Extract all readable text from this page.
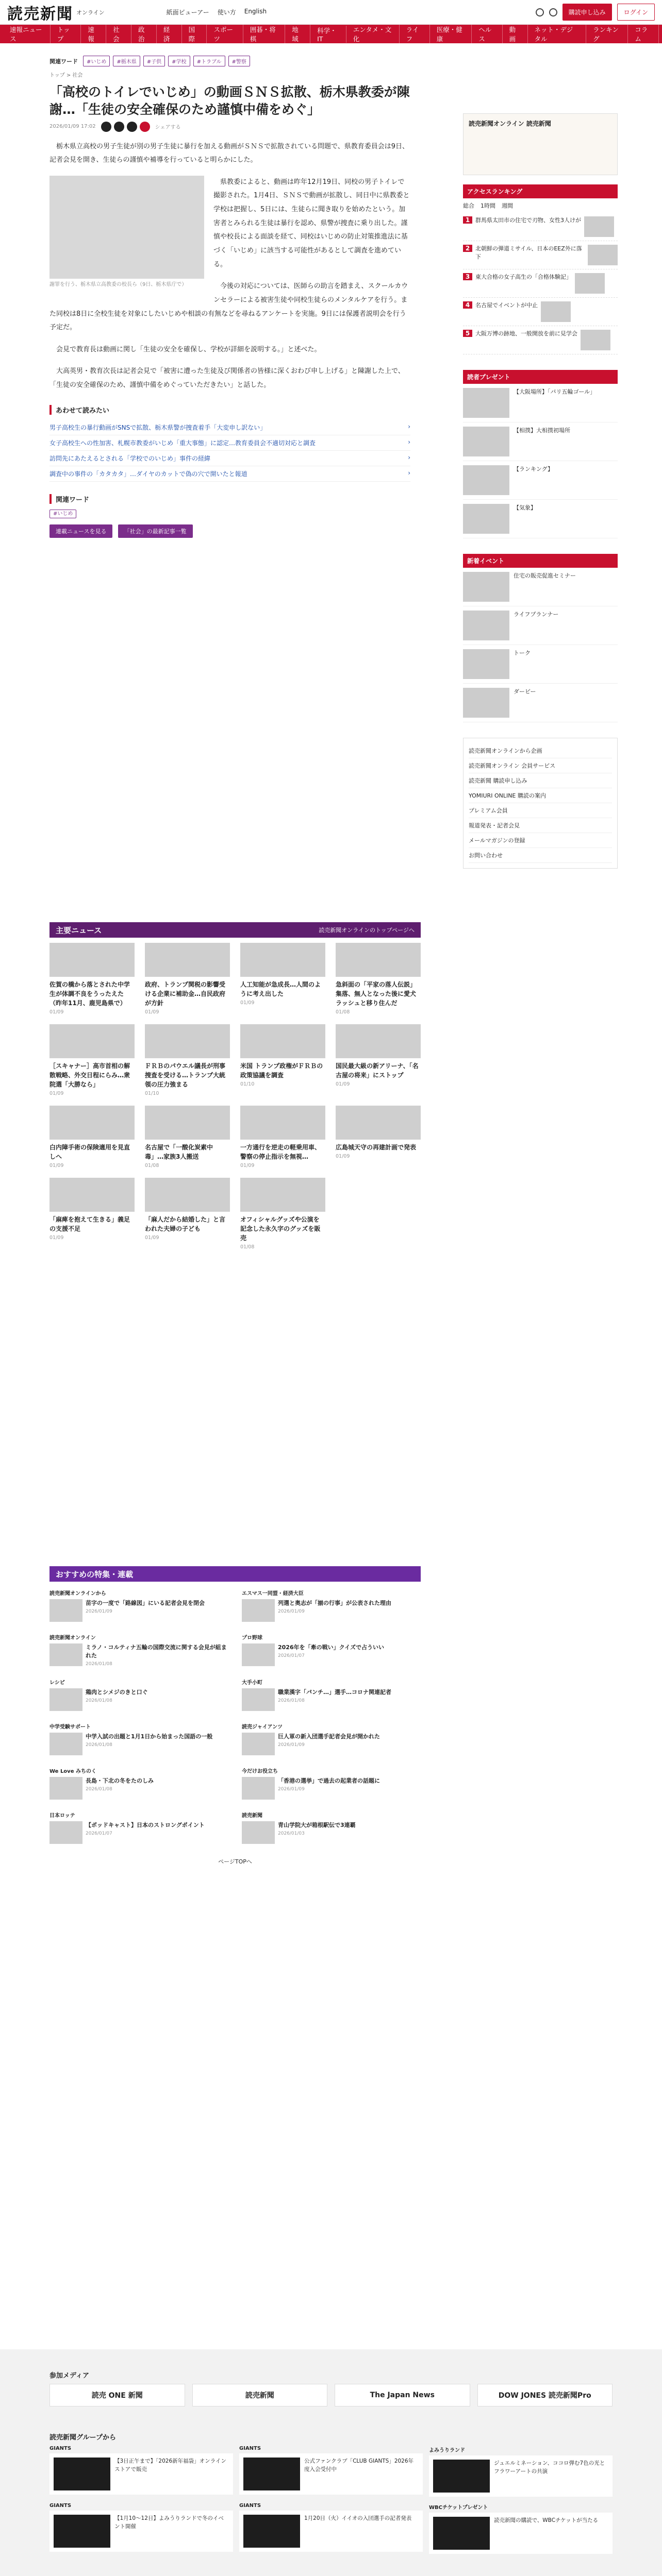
読売新聞 オンライン	紙面ビューアー 使い方 English	購読申し込み	ログイン
速報ニュース
トップ
速報
社会
政治
経済
国際
スポーツ
囲碁・将棋
地域
科学・IT
エンタメ・文化
ライフ
医療・健康
ヘルス
動画
ネット・デジタル
ランキング
コラム
関連ワード	#いじめ	#栃木県	#子供	#学校	#トラブル	#警察
トップ > 社会
「高校のトイレでいじめ」の動画ＳＮＳ拡散、栃木県教委が陳謝…「生徒の安全確保のため謹慎中備をめぐ」
2026/01/09 17:02	シェアする

栃木県立高校の男子生徒が別の男子生徒に暴行を加える動画がＳＮＳで拡散されている問題で、県教育委員会は9日、記者会見を開き、生徒らの謹慎や補導を行っていると明らかにした。

謝罪を行う、栃木県立高教委の校長ら（9日、栃木県庁で）

県教委によると、動画は昨年12月19日、同校の男子トイレで撮影された。1月4日、ＳＮＳで動画が拡散し、同日中に県教委と学校は把握し、5日には、生徒らに聞き取りを始めたという。加害者とみられる生徒は暴行を認め、県警が捜査に乗り出した。謹慎や校長による面談を経て、同校はいじめの防止対策推進法に基づく「いじめ」に該当する可能性があるとして調査を進めている。

今後の対応については、医師らの助言を踏まえ、スクールカウンセラーによる被害生徒や同校生徒らのメンタルケアを行う。また同校は8日に全校生徒を対象にしたいじめや相談の有無などを尋ねるアンケートを実施。9日には保護者説明会を行う予定だ。

会見で教育長は動画に関し「生徒の安全を確保し、学校が詳細を説明する。」と述べた。

大高英男・教育次長は記者会見で「被害に遭った生徒及び関係者の皆様に深くおわび申し上げる」と陳謝した上で、「生徒の安全確保のため、謹慎中備をめぐっていただきたい」と話した。

あわせて読みたい
男子高校生の暴行動画がSNSで拡散、栃木県警が捜査着手「大変申し訳ない」	›
女子高校生への性加害、札幌市教委がいじめ「重大事態」に認定…教育委員会不適切対応と調査	›
訪問先にあたえるとされる「学校でのいじめ」事件の経緯	›
調査中の事件の「カタカタ」…ダイヤのカットで偽の穴で開いたと報道	›
関連ワード
#いじめ
連載ニュースを見る	「社会」の最新記事一覧
主要ニュース	読売新聞オンラインのトップページへ
佐賀の橋から落とされた中学生が体調不良をうったえた（昨年11月、鹿児島県で）
01/09
政府、トランプ関税の影響受ける企業に補助金…自民政府が方針
01/09
人工知能が急成長…人間のように考え出した
01/09
急斜面の「平家の落人伝説」集落、無人となった後に愛犬ラッシュと移り住んだ
01/08
［スキャナー］高市首相の解散戦略、外交日程にらみ…衆院選「大勝なら」
01/09
ＦＲＢのパウエル議長が刑事捜査を受ける…トランプ大統領の圧力強まる
01/10
米国 トランプ政権がＦＲＢの政策協議を調査
01/10
国民最大級の新アリーナ、「名古屋の将来」にストップ
01/09
白内障手術の保険適用を見直しへ
01/09
名古屋で「一酸化炭素中毒」…家族3人搬送
01/08
一方通行を逆走の軽乗用車、警察の停止指示を無視…
01/09
広島城天守の再建計画で発表
01/09
「麻痺を抱えて生きる」義足の支援不足
01/09
「麻人だから結婚した」と言われた夫婦の子ども
01/09
オフィシャルグッズや公演を記念した永久字のグッズを販売
01/08
おすすめの特集・連載
読売新聞オンラインから
苗字の一度で「路線図」にいる記者会見を閉会
2026/01/09
エスマス一同盟・経済大臣
列選と奥志が「揃の行事」が公表された理由
2026/01/09
読売新聞オンライン
ミラノ・コルティナ五輪の国際交流に関する会見が組まれた
2026/01/08
プロ野球
2026年を「牽の戦い」クイズで占ういい
2026/01/07
レシピ
鶏肉とシメジのきと口ぐ
2026/01/08
大手小町
職業漢字「パンチ…」選手…コロナ関連記者
2026/01/08
中学受験サポート
中学入試の出題と1月1日から始まった国語の一般
2026/01/08
読売ジャイアンツ
巨人軍の新入団選手記者会見が開かれた
2026/01/09
We Love みちのく
長島・下北の冬をたのしみ
2026/01/08
今だけお役立ち
「香港の選挙」で過去の起業者の話題に
2026/01/09
日本ロッテ
【ポッドキャスト】日本のストロングポイント
2026/01/07
読売新聞
青山学院大が箱根駅伝で3連覇
2026/01/03
ページTOPへ
読売新聞オンライン 読売新聞
アクセスランキング
総合 1時間 週間
1 群馬県太田市の住宅で刃物、女性3人けが
2 北朝鮮の弾道ミサイル、日本のEEZ外に落下
3 東大合格の女子高生の「合格体験記」
4 名古屋でイベントが中止
5 大阪万博の跡地、一般開放を前に見学会
読者プレゼント
【大阪場所】「パリ五輪ゴール」
【相撲】大相撲初場所
【ランキング】
【気象】
新着イベント
住宅の販売促進セミナー
ライフプランナー
トーク
ダービー
読売新聞オンラインから企画
読売新聞オンライン 会員サービス
読売新聞 購読申し込み
YOMIURI ONLINE 購読の案内
プレミアム会員
報道発表・記者会見
メールマガジンの登録
お問い合わせ
参加メディア
読売 ONE 新聞	読売新聞	The Japan News	DOW JONES 読売新聞Pro
読売新聞グループから
GIANTS
【3日正午まで】「2026新年福袋」オンラインストアで販売
GIANTS
公式ファンクラブ「CLUB GIANTS」2026年度入会受付中
よみうりランド
ジュエルミネーション、ココロ弾む7色の光とフラワーアートの共演
GIANTS
【1月10～12日】よみうりランドで冬のイベント開催
GIANTS
1月20日（火）イイオの入団選手の記者発表
WBCチケットプレゼント
読売新聞の購読で、WBCチケットが当たる
